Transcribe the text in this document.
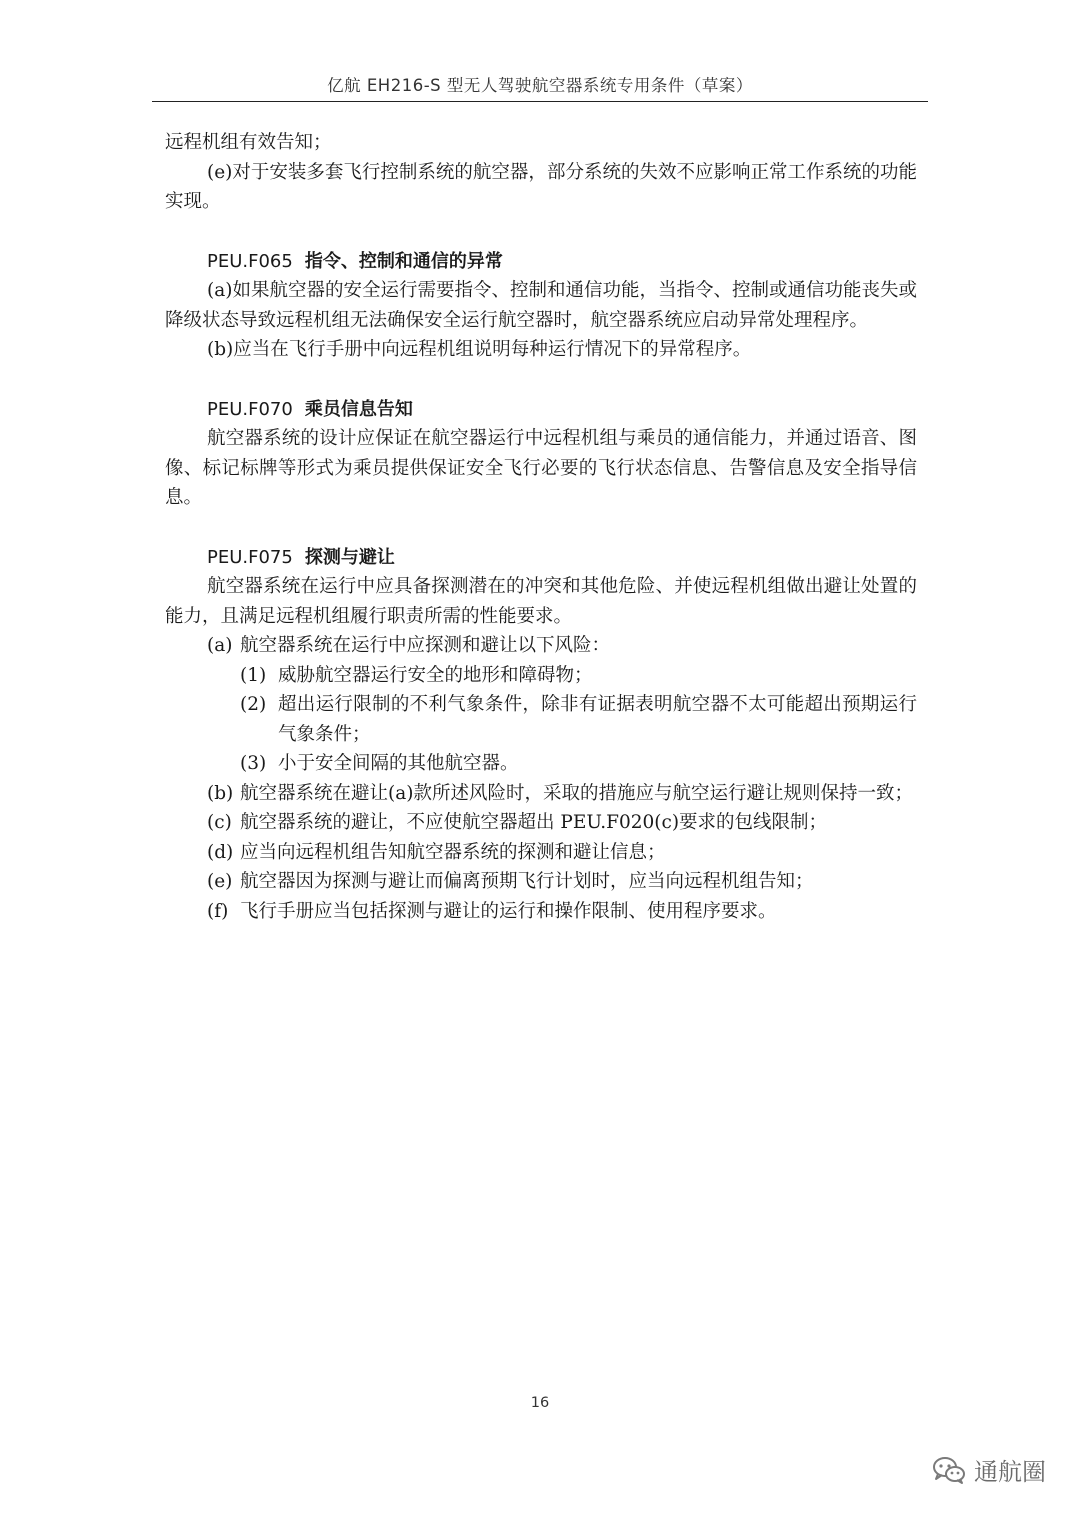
亿航 EH216-S 型无人驾驶航空器系统专用条件（草案）

远程机组有效告知；

(e)对于安装多套飞行控制系统的航空器，部分系统的失效不应影响正常工作系统的功能实现。

PEU.F065 指令、控制和通信的异常

(a)如果航空器的安全运行需要指令、控制和通信功能，当指令、控制或通信功能丧失或降级状态导致远程机组无法确保安全运行航空器时，航空器系统应启动异常处理程序。

(b)应当在飞行手册中向远程机组说明每种运行情况下的异常程序。

PEU.F070 乘员信息告知

航空器系统的设计应保证在航空器运行中远程机组与乘员的通信能力，并通过语音、图像、标记标牌等形式为乘员提供保证安全飞行必要的飞行状态信息、告警信息及安全指导信息。

PEU.F075 探测与避让

航空器系统在运行中应具备探测潜在的冲突和其他危险、并使远程机组做出避让处置的能力，且满足远程机组履行职责所需的性能要求。

(a) 航空器系统在运行中应探测和避让以下风险：
(1) 威胁航空器运行安全的地形和障碍物；
(2) 超出运行限制的不利气象条件，除非有证据表明航空器不太可能超出预期运行气象条件；
(3) 小于安全间隔的其他航空器。
(b) 航空器系统在避让(a)款所述风险时，采取的措施应与航空运行避让规则保持一致；
(c) 航空器系统的避让，不应使航空器超出 PEU.F020(c)要求的包线限制；
(d) 应当向远程机组告知航空器系统的探测和避让信息；
(e) 航空器因为探测与避让而偏离预期飞行计划时，应当向远程机组告知；
(f) 飞行手册应当包括探测与避让的运行和操作限制、使用程序要求。
16
通航圈
